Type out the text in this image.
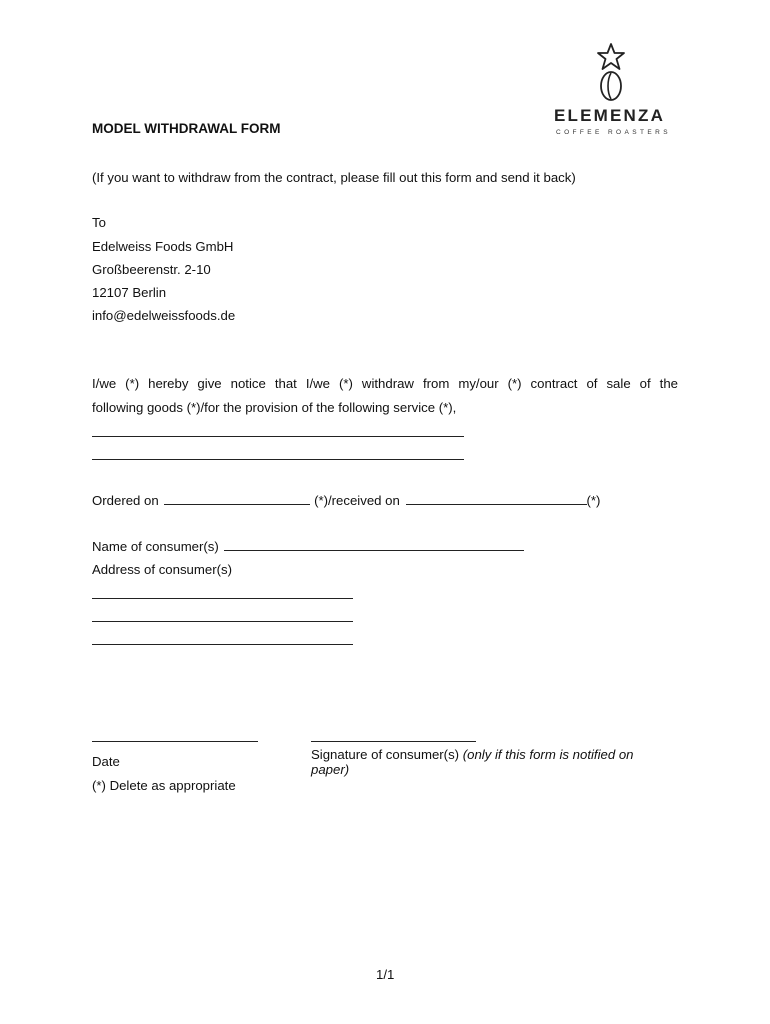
ELEMENZA
COFFEE ROASTERS
MODEL WITHDRAWAL FORM
(If you want to withdraw from the contract, please fill out this form and send it back)
To
Edelweiss Foods GmbH
Großbeerenstr. 2-10
12107 Berlin
info@edelweissfoods.de
I/we (*) hereby give notice that I/we (*) withdraw from my/our (*) contract of sale of the
following goods (*)/for the provision of the following service (*),
Ordered on	(*)/received on	(*)
Name of consumer(s)
Address of consumer(s)
Date
(*) Delete as appropriate
Signature of consumer(s) (only if this form is notified on paper)
1/1
